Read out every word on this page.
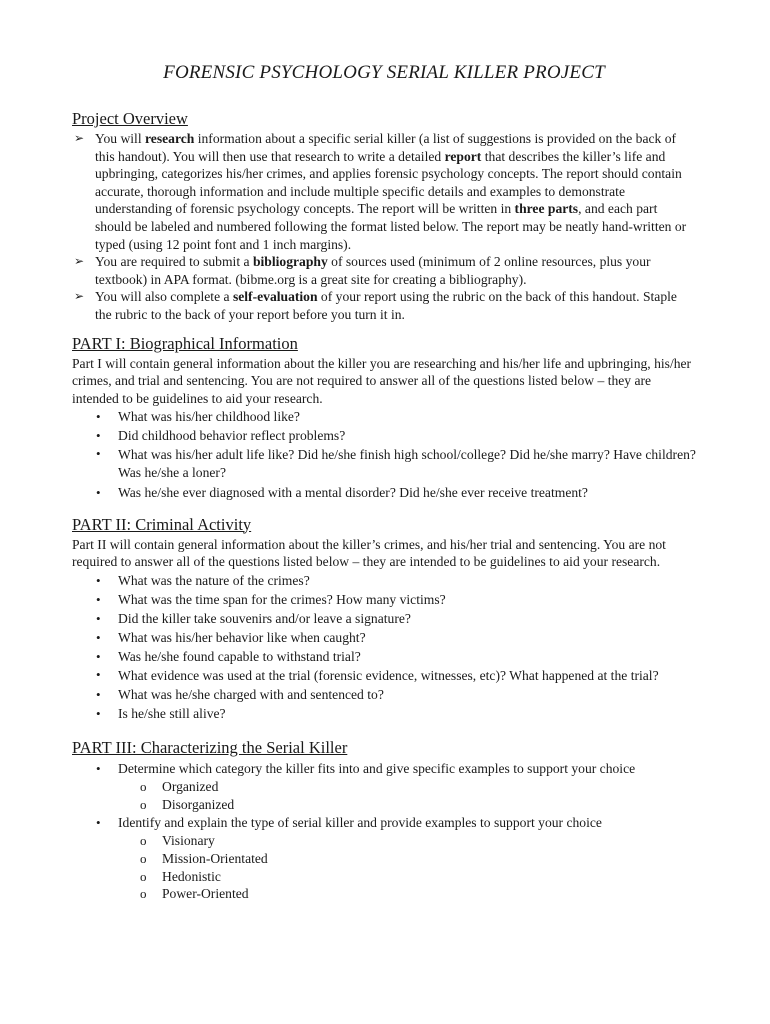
FORENSIC PSYCHOLOGY SERIAL KILLER PROJECT
Project Overview
➢ You will research information about a specific serial killer (a list of suggestions is provided on the back of this handout). You will then use that research to write a detailed report that describes the killer’s life and upbringing, categorizes his/her crimes, and applies forensic psychology concepts. The report should contain accurate, thorough information and include multiple specific details and examples to demonstrate understanding of forensic psychology concepts. The report will be written in three parts, and each part should be labeled and numbered following the format listed below. The report may be neatly hand-written or typed (using 12 point font and 1 inch margins).
➢ You are required to submit a bibliography of sources used (minimum of 2 online resources, plus your textbook) in APA format. (bibme.org is a great site for creating a bibliography).
➢ You will also complete a self-evaluation of your report using the rubric on the back of this handout. Staple the rubric to the back of your report before you turn it in.
PART I: Biographical Information

Part I will contain general information about the killer you are researching and his/her life and upbringing, his/her crimes, and trial and sentencing. You are not required to answer all of the questions listed below – they are intended to be guidelines to aid your research.

• What was his/her childhood like?
• Did childhood behavior reflect problems?
• What was his/her adult life like? Did he/she finish high school/college? Did he/she marry? Have children? Was he/she a loner?
• Was he/she ever diagnosed with a mental disorder? Did he/she ever receive treatment?
PART II: Criminal Activity

Part II will contain general information about the killer’s crimes, and his/her trial and sentencing. You are not required to answer all of the questions listed below – they are intended to be guidelines to aid your research.

• What was the nature of the crimes?
• What was the time span for the crimes? How many victims?
• Did the killer take souvenirs and/or leave a signature?
• What was his/her behavior like when caught?
• Was he/she found capable to withstand trial?
• What evidence was used at the trial (forensic evidence, witnesses, etc)? What happened at the trial?
• What was he/she charged with and sentenced to?
• Is he/she still alive?
PART III: Characterizing the Serial Killer
• Determine which category the killer fits into and give specific examples to support your choice
o Organized
o Disorganized
• Identify and explain the type of serial killer and provide examples to support your choice
o Visionary
o Mission-Orientated
o Hedonistic
o Power-Oriented
